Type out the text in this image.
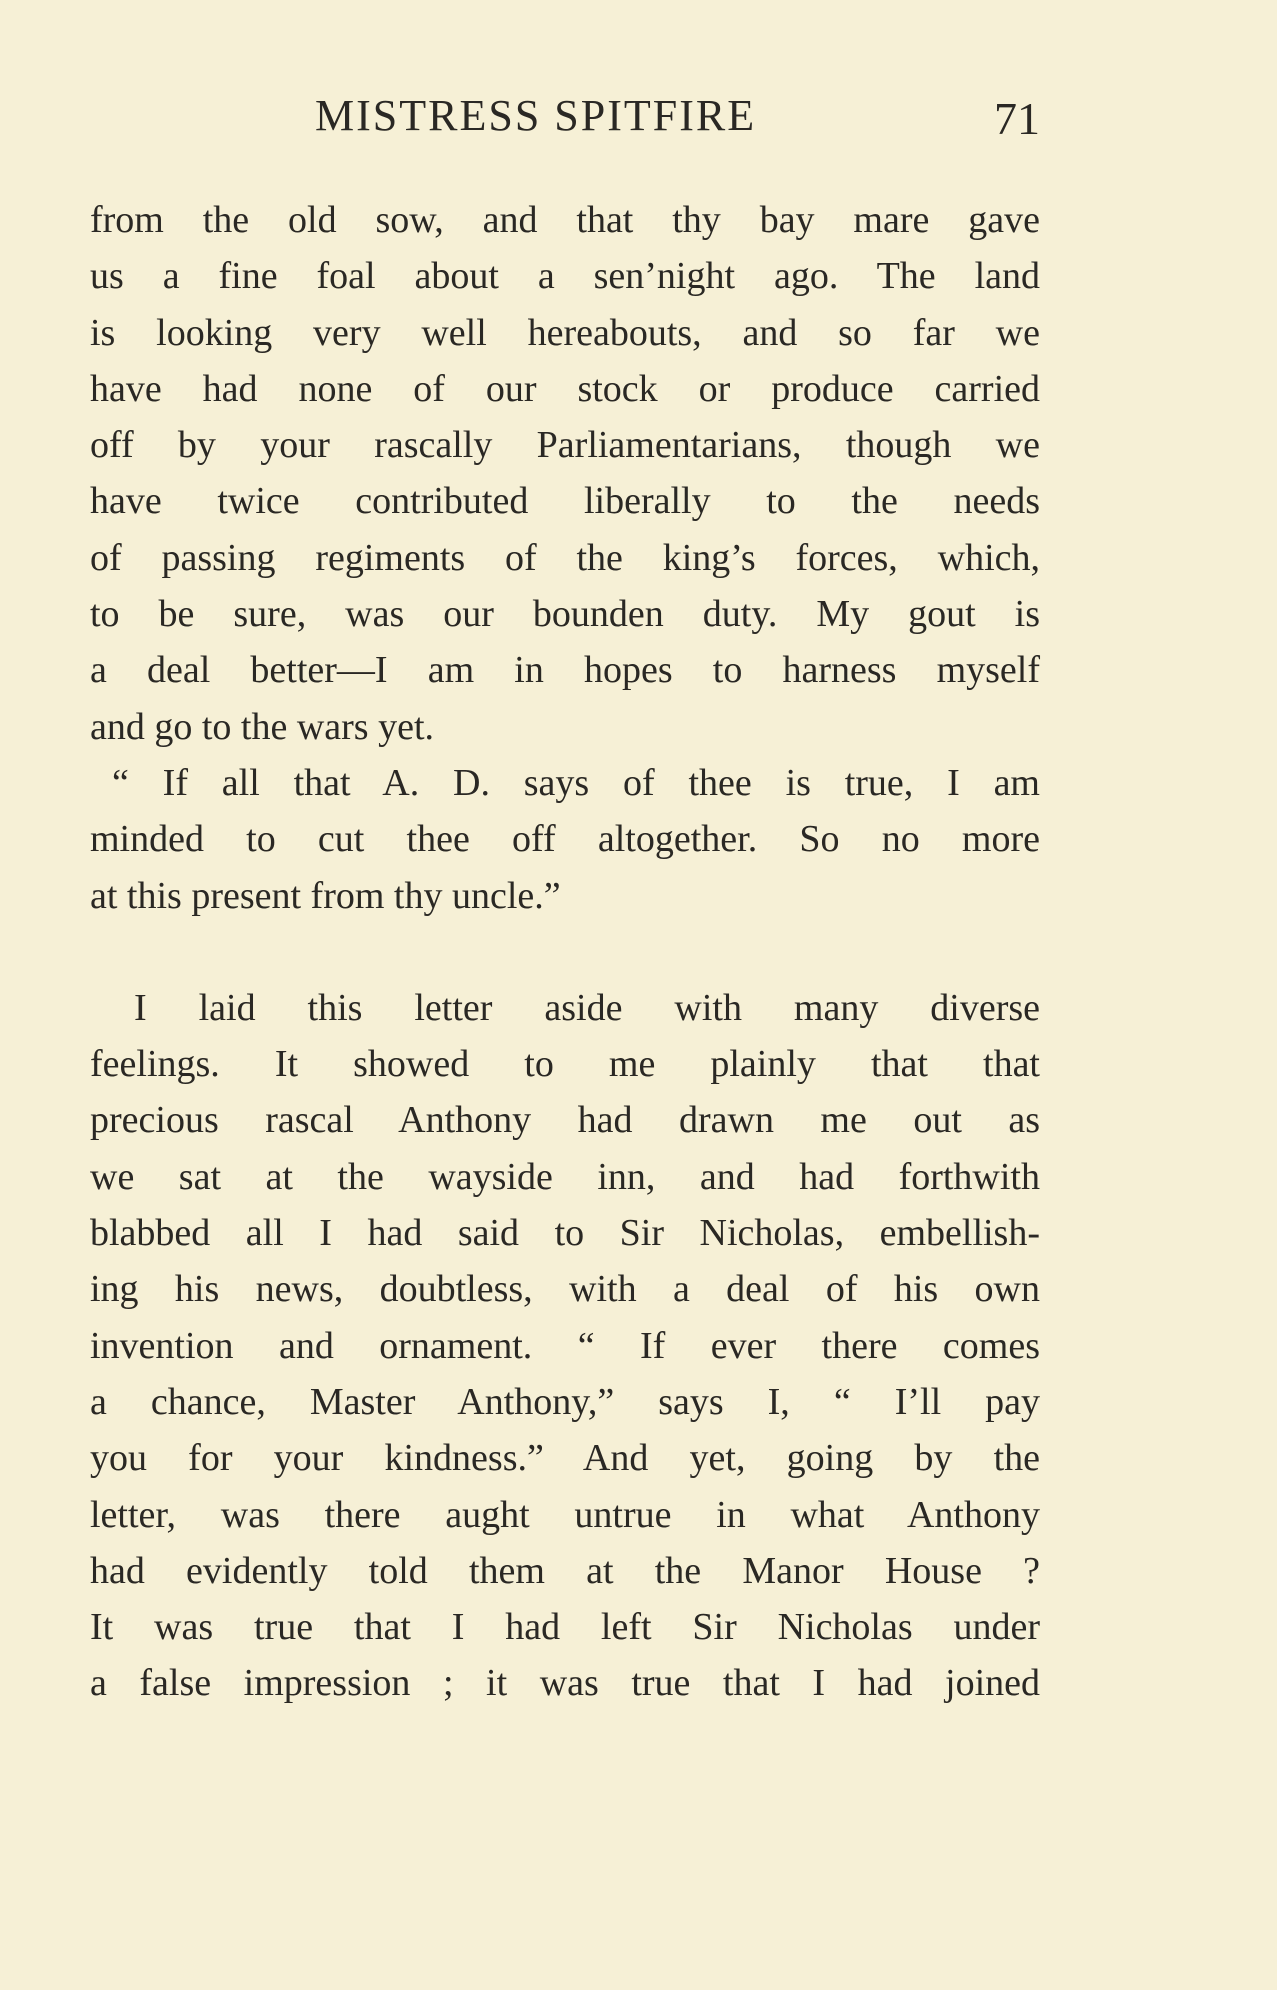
MISTRESS SPITFIRE	71
from the old sow, and that thy bay mare gave
us a fine foal about a sen’night ago. The land
is looking very well hereabouts, and so far we
have had none of our stock or produce carried
off by your rascally Parliamentarians, though we
have twice contributed liberally to the needs
of passing regiments of the king’s forces, which,
to be sure, was our bounden duty. My gout is
a deal better—I am in hopes to harness myself
and go to the wars yet.
“ If all that A. D. says of thee is true, I am
minded to cut thee off altogether. So no more
at this present from thy uncle.”
I laid this letter aside with many diverse
feelings. It showed to me plainly that that
precious rascal Anthony had drawn me out as
we sat at the wayside inn, and had forthwith
blabbed all I had said to Sir Nicholas, embellish-
ing his news, doubtless, with a deal of his own
invention and ornament. “ If ever there comes
a chance, Master Anthony,” says I, “ I’ll pay
you for your kindness.” And yet, going by the
letter, was there aught untrue in what Anthony
had evidently told them at the Manor House ?
It was true that I had left Sir Nicholas under
a false impression ; it was true that I had joined
